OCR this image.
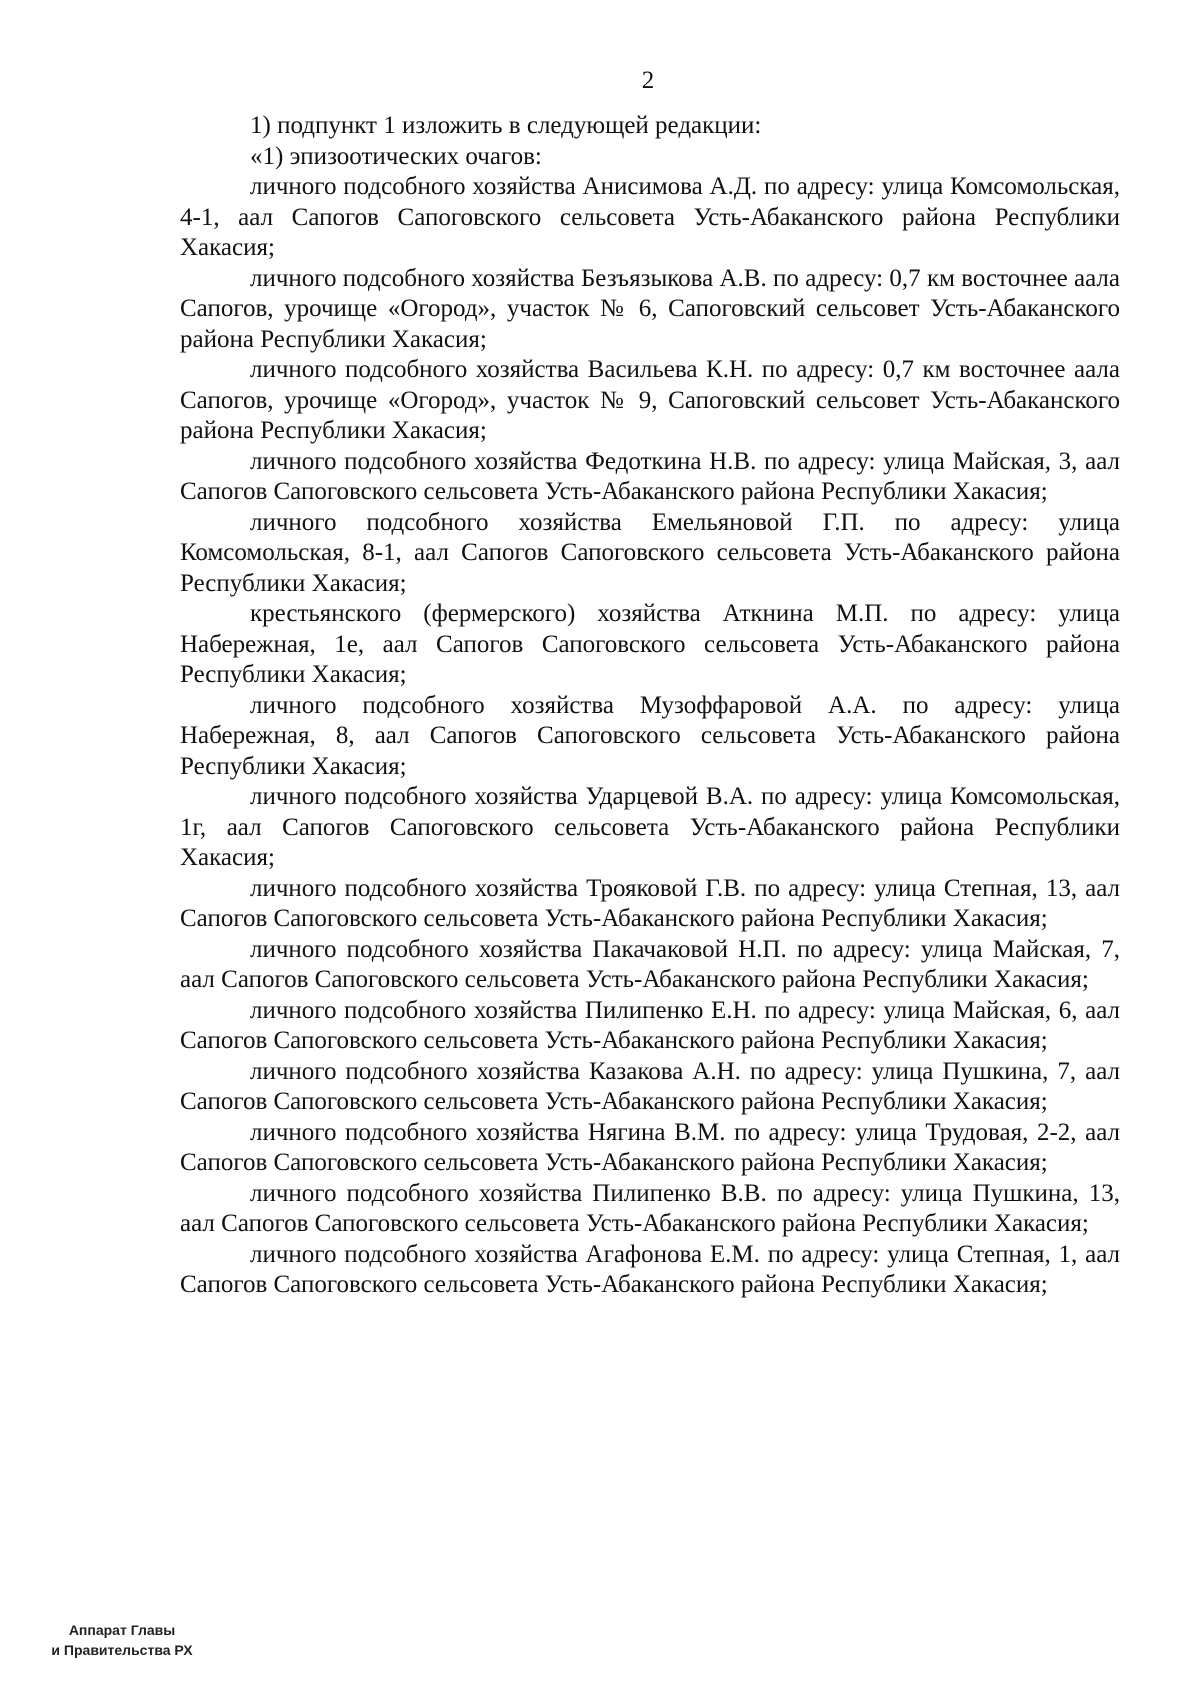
2

1) подпункт 1 изложить в следующей редакции:

«1) эпизоотических очагов:

личного подсобного хозяйства Анисимова А.Д. по адресу: улица Комсомольская, 4-1, аал Сапогов Сапоговского сельсовета Усть-Абаканского района Республики Хакасия;

личного подсобного хозяйства Безъязыкова А.В. по адресу: 0,7 км восточнее аала Сапогов, урочище «Огород», участок № 6, Сапоговский сельсовет Усть-Абаканского района Республики Хакасия;

личного подсобного хозяйства Васильева К.Н. по адресу: 0,7 км восточнее аала Сапогов, урочище «Огород», участок № 9, Сапоговский сельсовет Усть-Абаканского района Республики Хакасия;

личного подсобного хозяйства Федоткина Н.В. по адресу: улица Майская, 3, аал Сапогов Сапоговского сельсовета Усть-Абаканского района Республики Хакасия;

личного подсобного хозяйства Емельяновой Г.П. по адресу: улица Комсомольская, 8-1, аал Сапогов Сапоговского сельсовета Усть-Абаканского района Республики Хакасия;

крестьянского (фермерского) хозяйства Аткнина М.П. по адресу: улица Набережная, 1е, аал Сапогов Сапоговского сельсовета Усть-Абаканского района Республики Хакасия;

личного подсобного хозяйства Музоффаровой А.А. по адресу: улица Набережная, 8, аал Сапогов Сапоговского сельсовета Усть-Абаканского района Республики Хакасия;

личного подсобного хозяйства Ударцевой В.А. по адресу: улица Комсомольская, 1г, аал Сапогов Сапоговского сельсовета Усть-Абаканского района Республики Хакасия;

личного подсобного хозяйства Трояковой Г.В. по адресу: улица Степная, 13, аал Сапогов Сапоговского сельсовета Усть-Абаканского района Республики Хакасия;

личного подсобного хозяйства Пакачаковой Н.П. по адресу: улица Майская, 7, аал Сапогов Сапоговского сельсовета Усть-Абаканского района Республики Хакасия;

личного подсобного хозяйства Пилипенко Е.Н. по адресу: улица Майская, 6, аал Сапогов Сапоговского сельсовета Усть-Абаканского района Республики Хакасия;

личного подсобного хозяйства Казакова А.Н. по адресу: улица Пушкина, 7, аал Сапогов Сапоговского сельсовета Усть-Абаканского района Республики Хакасия;

личного подсобного хозяйства Нягина В.М. по адресу: улица Трудовая, 2-2, аал Сапогов Сапоговского сельсовета Усть-Абаканского района Республики Хакасия;

личного подсобного хозяйства Пилипенко В.В. по адресу: улица Пушкина, 13, аал Сапогов Сапоговского сельсовета Усть-Абаканского района Республики Хакасия;

личного подсобного хозяйства Агафонова Е.М. по адресу: улица Степная, 1, аал Сапогов Сапоговского сельсовета Усть-Абаканского района Республики Хакасия;

Аппарат Главы
и Правительства РХ
